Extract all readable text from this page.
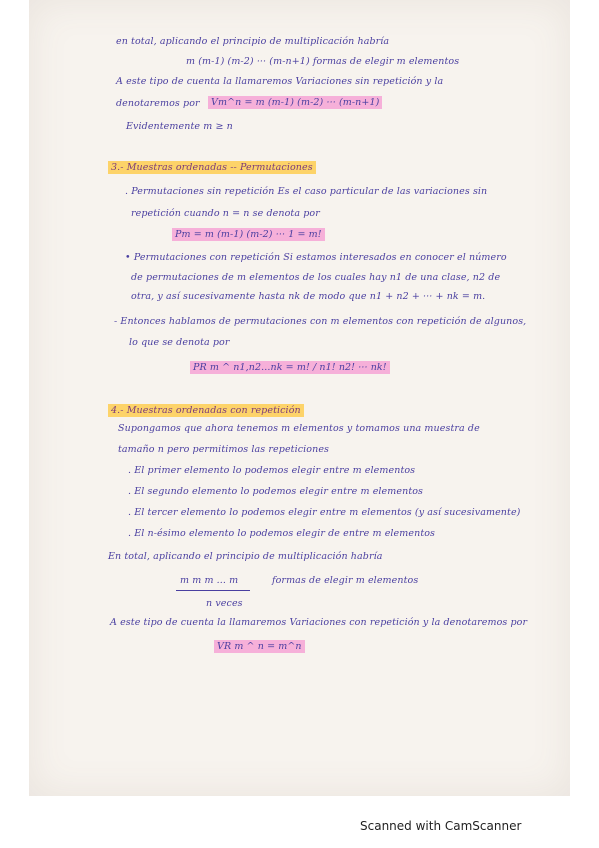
en total, aplicando el principio de multiplicación habría
m (m-1) (m-2) ··· (m-n+1) formas de elegir m elementos
A este tipo de cuenta la llamaremos Variaciones sin repetición y la
denotaremos por	Vm^n = m (m-1) (m-2) ··· (m-n+1)
Evidentemente m ≥ n
3.- Muestras ordenadas -- Permutaciones
. Permutaciones sin repetición Es el caso particular de las variaciones sin
repetición cuando n = n se denota por
Pm = m (m-1) (m-2) ··· 1 = m!
• Permutaciones con repetición Si estamos interesados en conocer el número
de permutaciones de m elementos de los cuales hay n1 de una clase, n2 de
otra, y así sucesivamente hasta nk de modo que n1 + n2 + ··· + nk = m.
- Entonces hablamos de permutaciones con m elementos con repetición de algunos,
lo que se denota por
PR m ^ n1,n2...nk = m! / n1! n2! ··· nk!
4.- Muestras ordenadas con repetición
Supongamos que ahora tenemos m elementos y tomamos una muestra de
tamaño n pero permitimos las repeticiones
. El primer elemento lo podemos elegir entre m elementos
. El segundo elemento lo podemos elegir entre m elementos
. El tercer elemento lo podemos elegir entre m elementos (y así sucesivamente)
. El n-ésimo elemento lo podemos elegir de entre m elementos
En total, aplicando el principio de multiplicación habría
m m m ... m	formas de elegir m elementos
n veces
A este tipo de cuenta la llamaremos Variaciones con repetición y la denotaremos por
VR m ^ n = m^n
Scanned with CamScanner
